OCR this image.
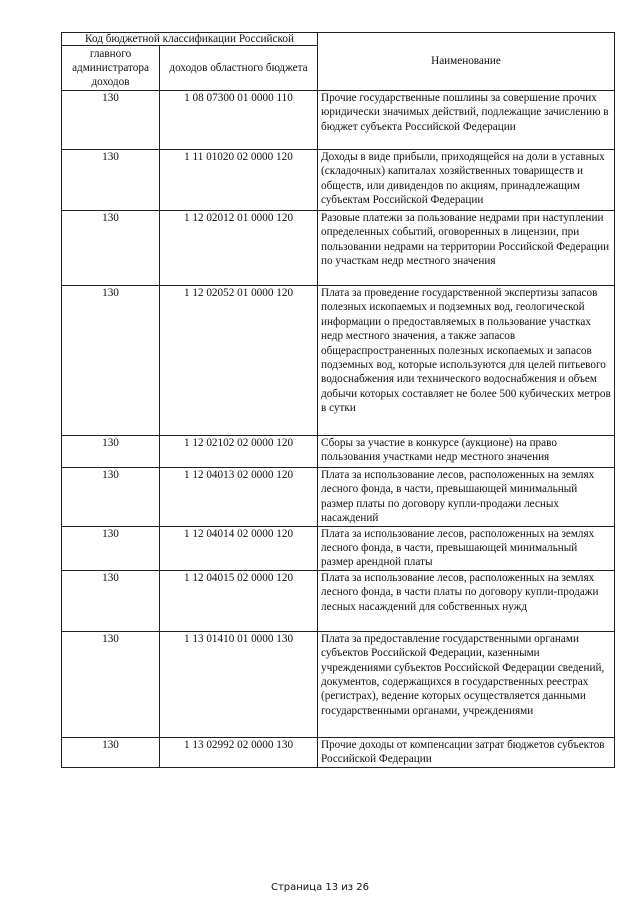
Код бюджетной классификации Российской		Наименование
главного администратора доходов	доходов областного бюджета	
130	1 08 07300 01 0000 110	Прочие государственные пошлины за совершение прочих юридически значимых действий, подлежащие зачислению в бюджет субъекта Российской Федерации
130	1 11 01020 02 0000 120	Доходы в виде прибыли, приходящейся на доли в уставных (складочных) капиталах хозяйственных товариществ и обществ, или дивидендов по акциям, принадлежащим субъектам Российской Федерации
130	1 12 02012 01 0000 120	Разовые платежи за пользование недрами при наступлении определенных событий, оговоренных в лицензии, при пользовании недрами на территории Российской Федерации по участкам недр местного значения
130	1 12 02052 01 0000 120	Плата за проведение государственной экспертизы запасов полезных ископаемых и подземных вод, геологической информации о предоставляемых в пользование участках недр местного значения, а также запасов общераспространенных полезных ископаемых и запасов подземных вод, которые используются для целей питьевого водоснабжения или технического водоснабжения и объем добычи которых составляет не более 500 кубических метров в сутки
130	1 12 02102 02 0000 120	Сборы за участие в конкурсе (аукционе) на право пользования участками недр местного значения
130	1 12 04013 02 0000 120	Плата за использование лесов, расположенных на землях лесного фонда, в части, превышающей минимальный размер платы по договору купли-продажи лесных насаждений
130	1 12 04014 02 0000 120	Плата за использование лесов, расположенных на землях лесного фонда, в части, превышающей минимальный размер арендной платы
130	1 12 04015 02 0000 120	Плата за использование лесов, расположенных на землях лесного фонда, в части платы по договору купли-продажи лесных насаждений для собственных нужд
130	1 13 01410 01 0000 130	Плата за предоставление государственными органами субъектов Российской Федерации, казенными учреждениями субъектов Российской Федерации сведений, документов, содержащихся в государственных реестрах (регистрах), ведение которых осуществляется данными государственными органами, учреждениями
130	1 13 02992 02 0000 130	Прочие доходы от компенсации затрат бюджетов субъектов Российской Федерации
Страница 13 из 26
